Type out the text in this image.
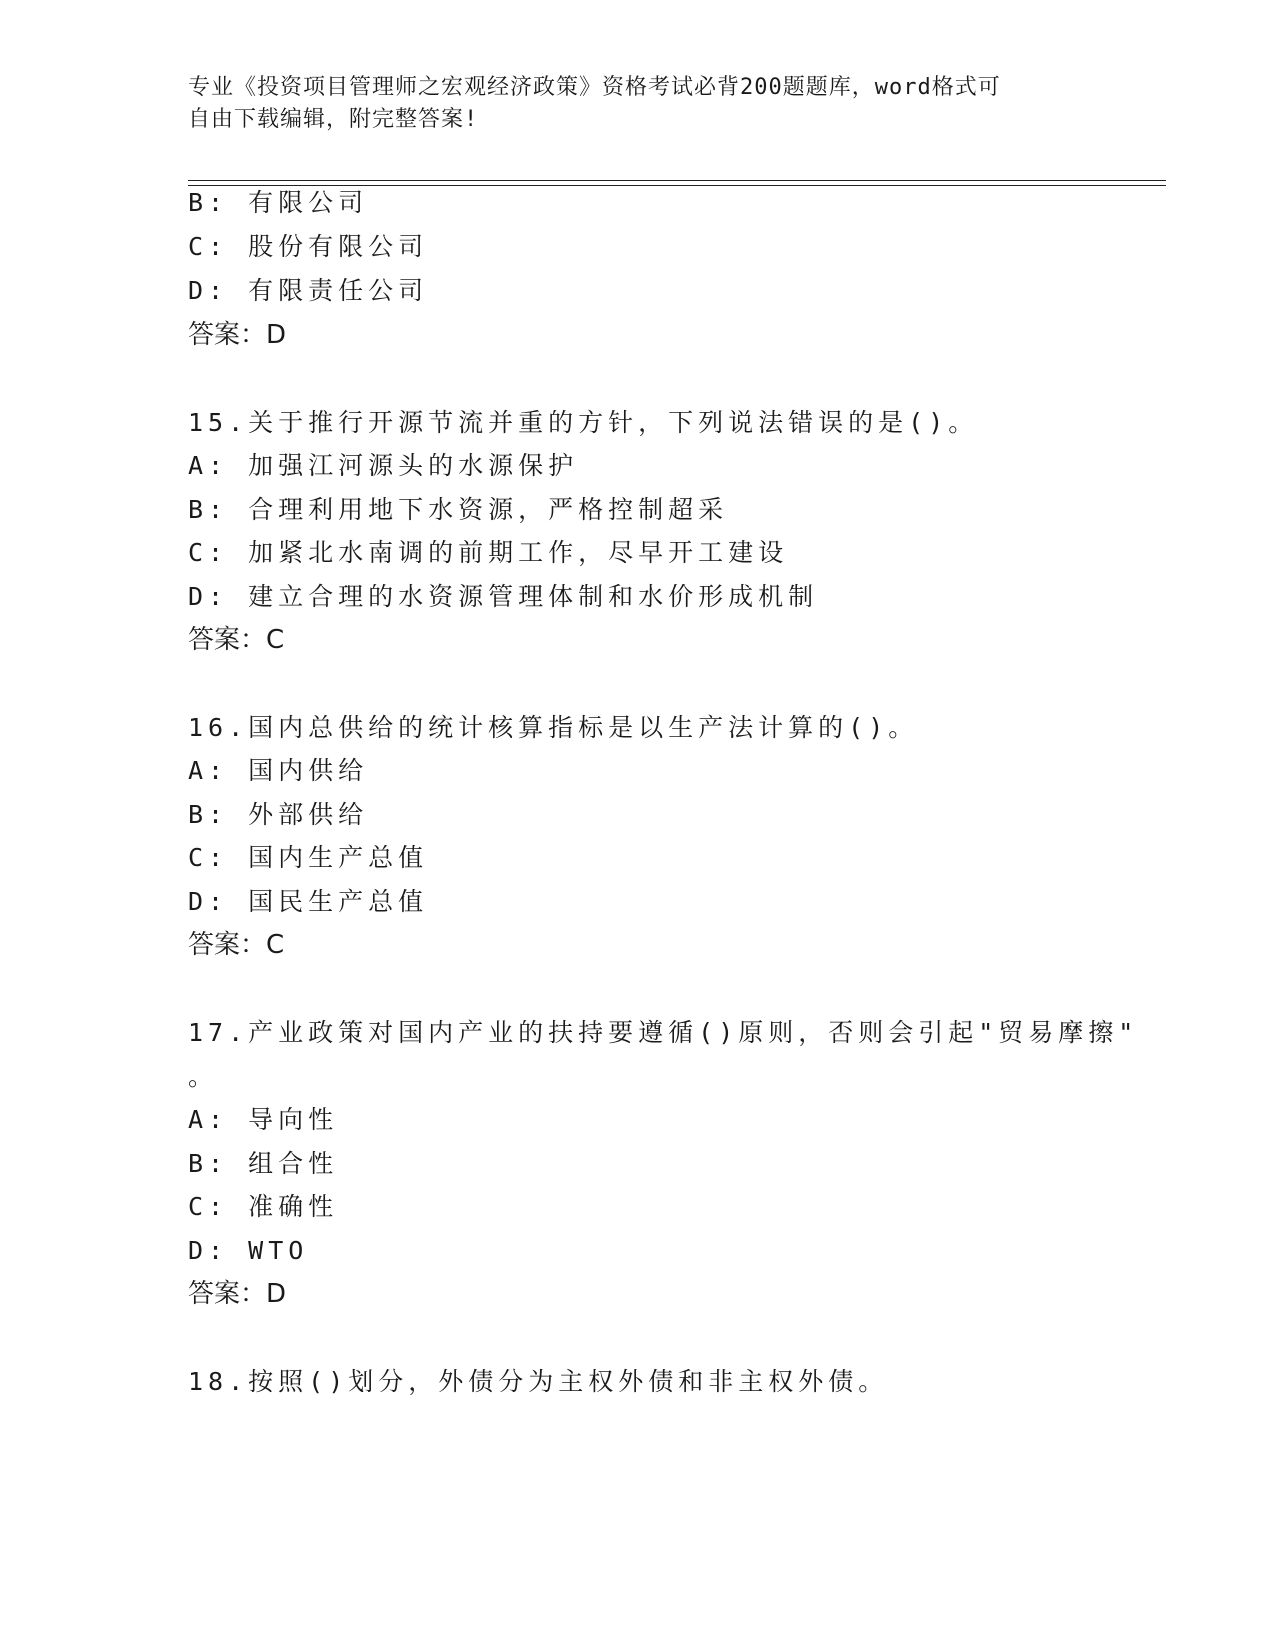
专业《投资项目管理师之宏观经济政策》资格考试必背200题题库，word格式可
自由下载编辑，附完整答案!
B: 有限公司
C: 股份有限公司
D: 有限责任公司
答案：D
15.关于推行开源节流并重的方针，下列说法错误的是()。
A: 加强江河源头的水源保护
B: 合理利用地下水资源，严格控制超采
C: 加紧北水南调的前期工作，尽早开工建设
D: 建立合理的水资源管理体制和水价形成机制
答案：C
16.国内总供给的统计核算指标是以生产法计算的()。
A: 国内供给
B: 外部供给
C: 国内生产总值
D: 国民生产总值
答案：C
17.产业政策对国内产业的扶持要遵循()原则，否则会引起"贸易摩擦"
。
A: 导向性
B: 组合性
C: 准确性
D: WTO
答案：D
18.按照()划分，外债分为主权外债和非主权外债。
